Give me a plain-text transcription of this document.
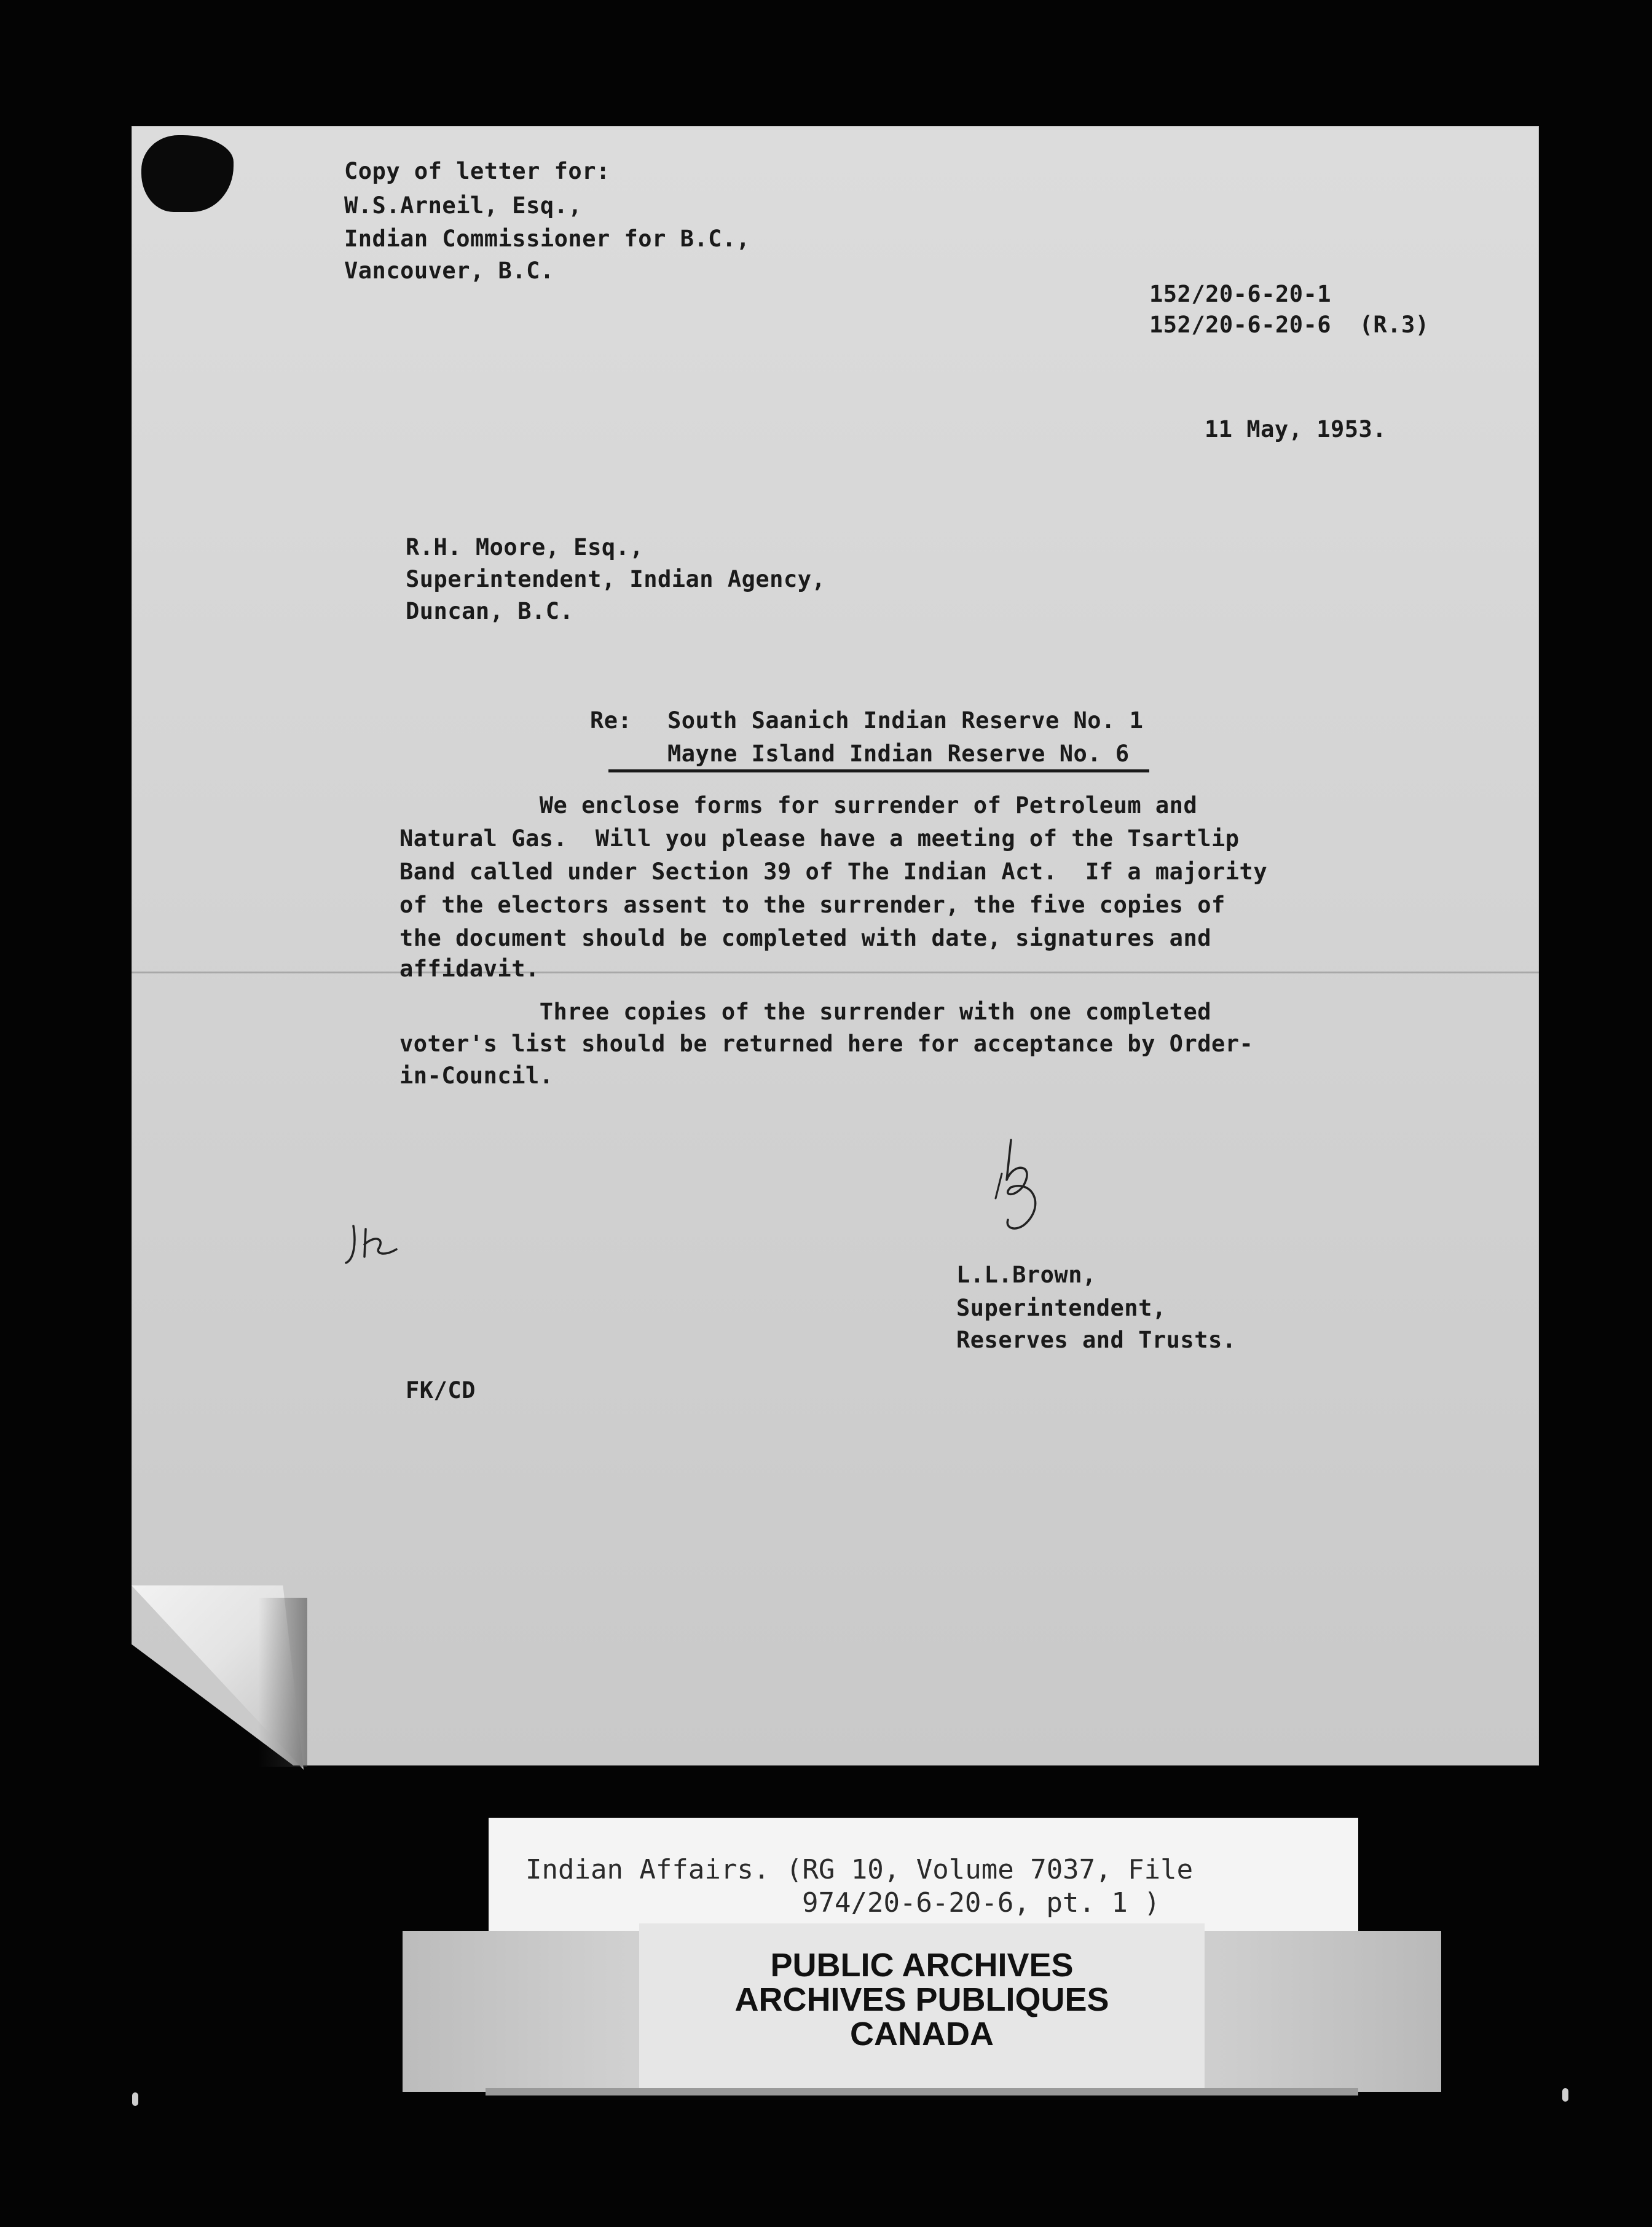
Copy of letter for:
W.S.Arneil, Esq.,
Indian Commissioner for B.C.,
Vancouver, B.C.
152/20-6-20-1
152/20-6-20-6  (R.3)
11 May, 1953.
R.H. Moore, Esq.,
Superintendent, Indian Agency,
Duncan, B.C.
Re: South Saanich Indian Reserve No. 1
Mayne Island Indian Reserve No. 6
We enclose forms for surrender of Petroleum and
Natural Gas.  Will you please have a meeting of the Tsartlip
Band called under Section 39 of The Indian Act.  If a majority
of the electors assent to the surrender, the five copies of
the document should be completed with date, signatures and
affidavit.
Three copies of the surrender with one completed
voter's list should be returned here for acceptance by Order-
in-Council.
L.L.Brown,
Superintendent,
Reserves and Trusts.
FK/CD
Indian Affairs. (RG 10, Volume 7037, File
974/20-6-20-6, pt. 1 )
PUBLIC ARCHIVES
ARCHIVES PUBLIQUES
CANADA
